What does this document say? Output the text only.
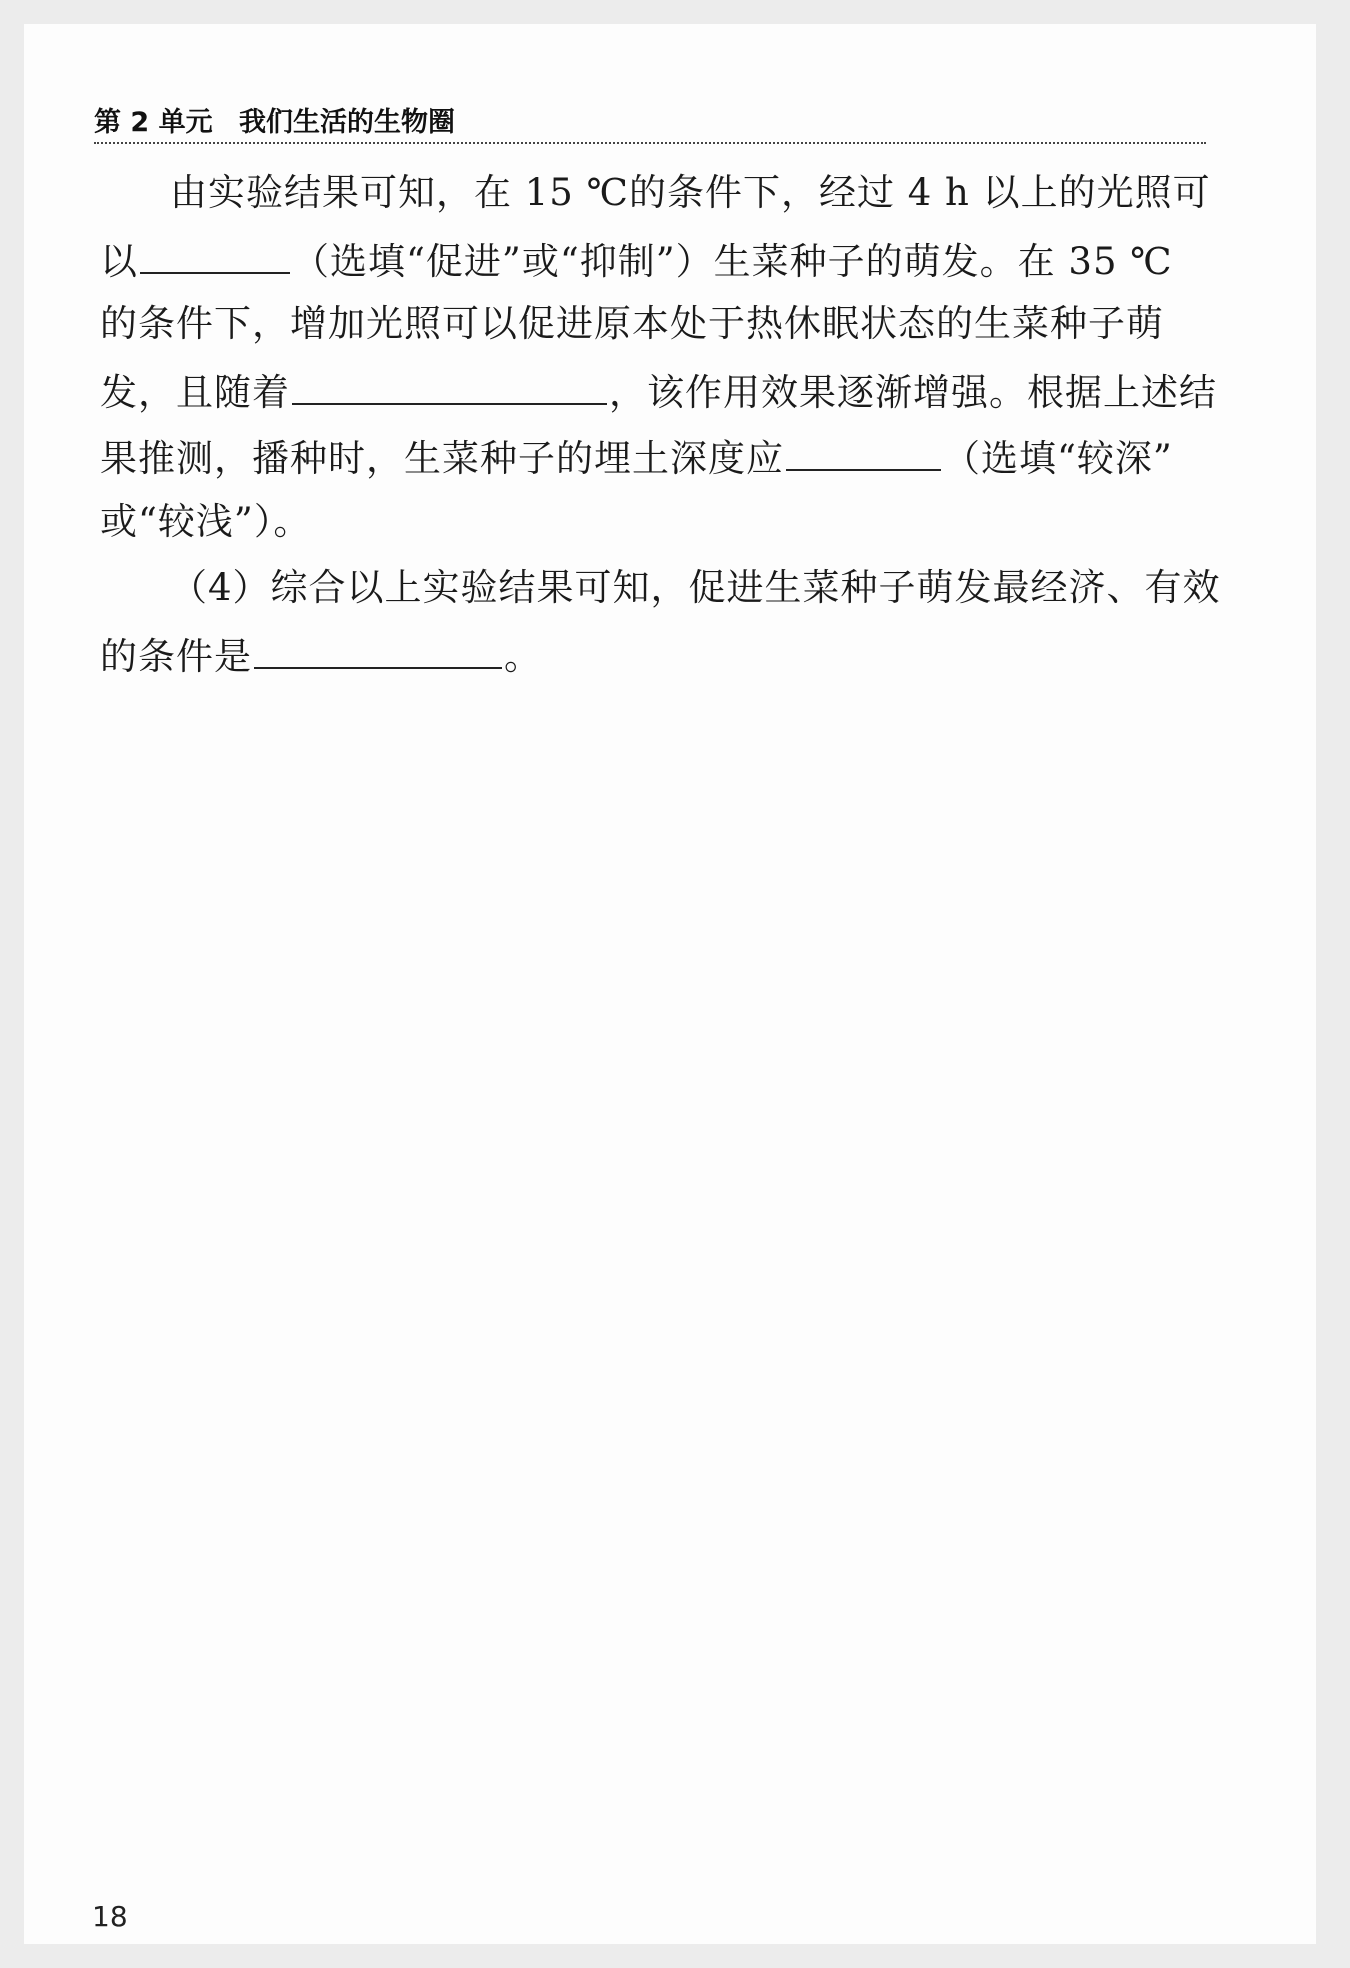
第 2 单元 我们生活的生物圈
由实验结果可知，在 15 ℃的条件下，经过 4 h 以上的光照可
以	（选填“促进”或“抑制”）生菜种子的萌发。在 35 ℃
的条件下，增加光照可以促进原本处于热休眠状态的生菜种子萌
发，且随着	，该作用效果逐渐增强。根据上述结
果推测，播种时，生菜种子的埋土深度应	（选填“较深”
或“较浅”）。
（4）综合以上实验结果可知，促进生菜种子萌发最经济、有效
的条件是	。
18
